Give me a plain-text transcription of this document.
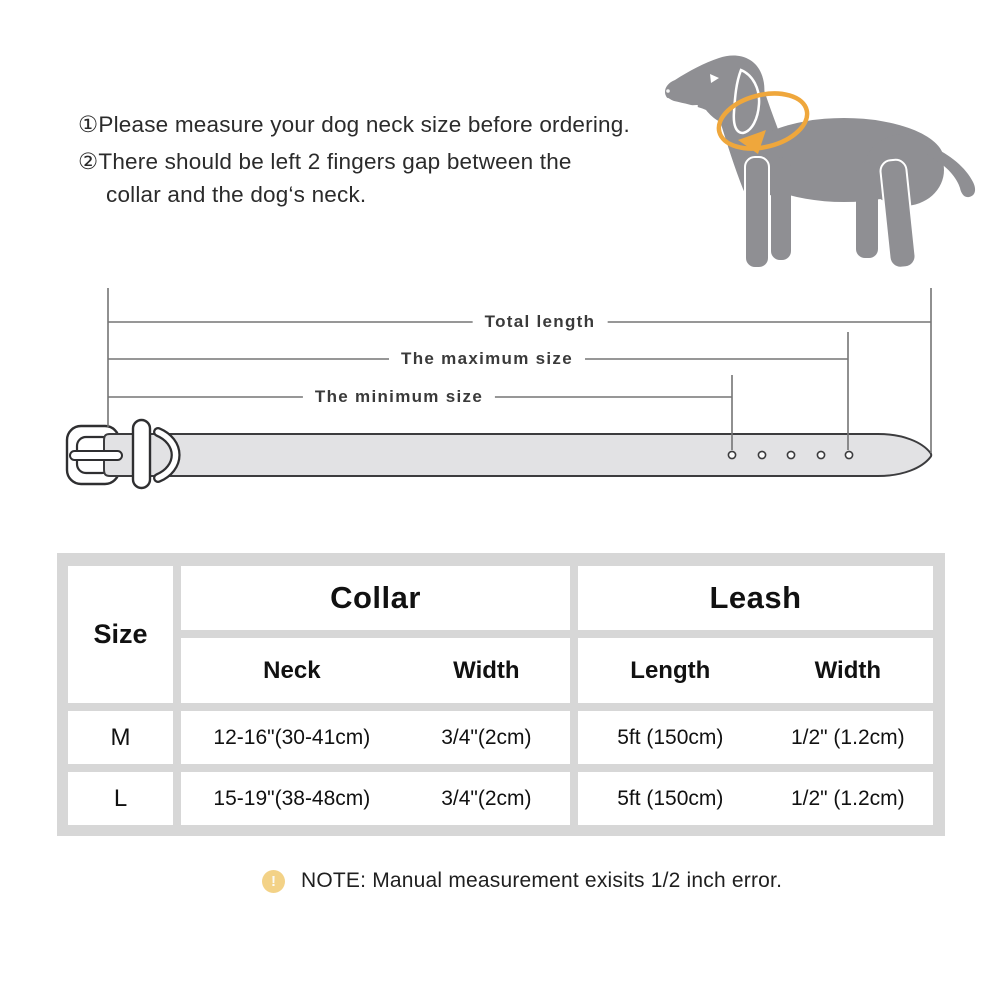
①Please measure your dog neck size before ordering.
②There should be left 2 fingers gap between the
collar and the dog‘s neck.
Total length
The maximum size
The minimum size
Size
Collar	Leash
Neck	Width	Length	Width
M	12-16"(30-41cm)	3/4"(2cm)	5ft (150cm)	1/2" (1.2cm)
L	15-19"(38-48cm)	3/4"(2cm)	5ft (150cm)	1/2" (1.2cm)
!	NOTE: Manual measurement exisits 1/2 inch error.
